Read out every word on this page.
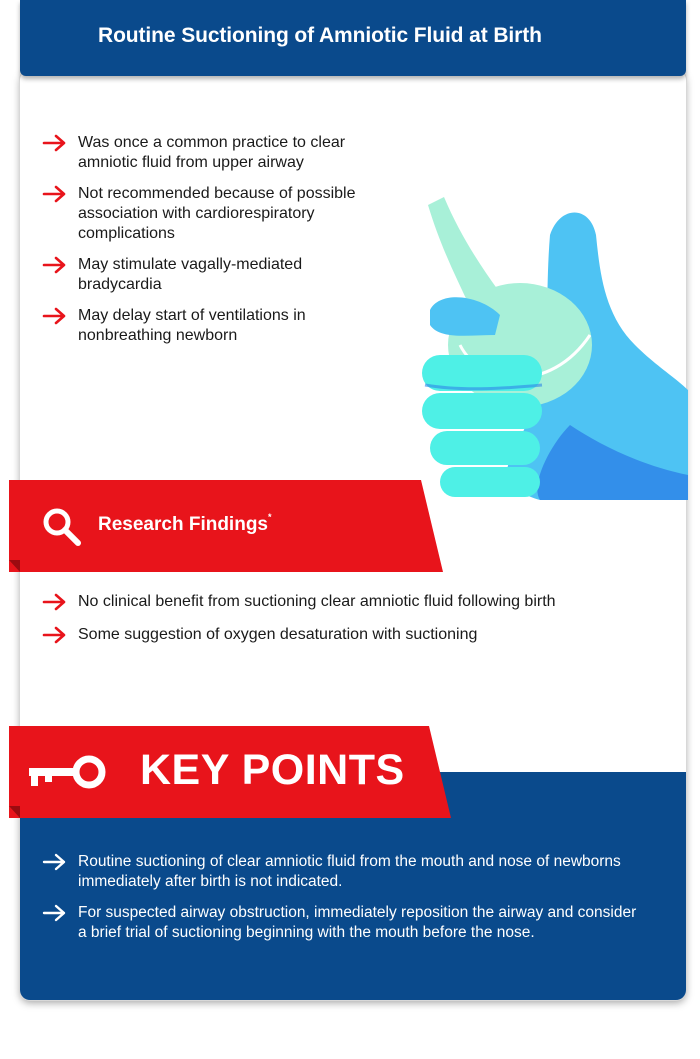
Routine Suctioning of Amniotic Fluid at Birth
Was once a common practice to clear amniotic fluid from upper airway
Not recommended because of possible association with cardiorespiratory complications
May stimulate vagally-mediated bradycardia
May delay start of ventilations in nonbreathing newborn
Research Findings*
No clinical benefit from suctioning clear amniotic fluid following birth
Some suggestion of oxygen desaturation with suctioning
KEY POINTS
Routine suctioning of clear amniotic fluid from the mouth and nose of newborns immediately after birth is not indicated.
For suspected airway obstruction, immediately reposition the airway and consider a brief trial of suctioning beginning with the mouth before the nose.
